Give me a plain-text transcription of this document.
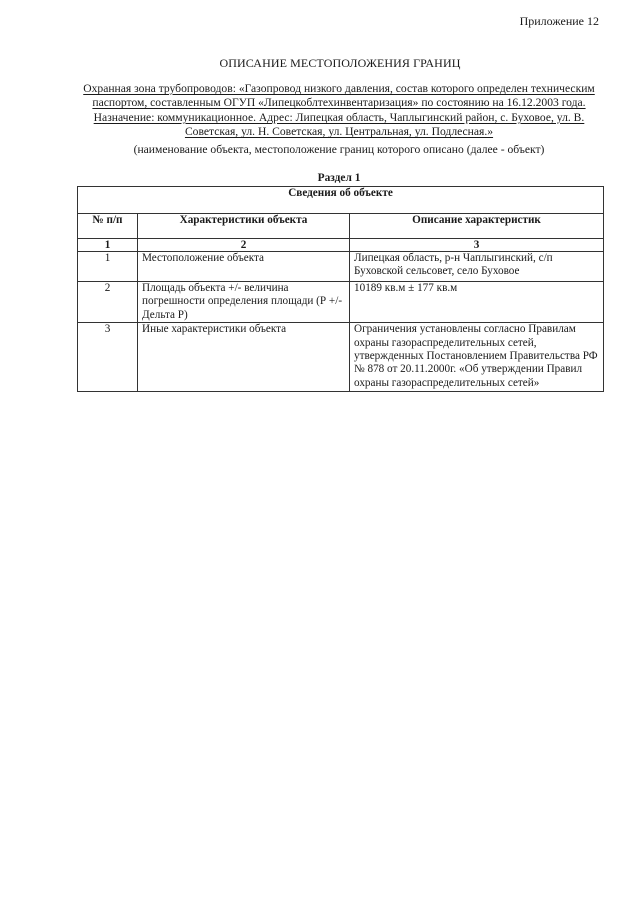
Приложение 12
ОПИСАНИЕ МЕСТОПОЛОЖЕНИЯ ГРАНИЦ
Охранная зона трубопроводов: «Газопровод низкого давления, состав которого определен техническим паспортом, составленным ОГУП «Липецкоблтехинвентаризация» по состоянию на 16.12.2003 года. Назначение: коммуникационное. Адрес: Липецкая область, Чаплыгинский район, с. Буховое, ул. В. Советская, ул. Н. Советская, ул. Центральная, ул. Подлесная.»
(наименование объекта, местоположение границ которого описано (далее - объект)
Раздел 1
Сведения об объекте		
№ п/п	Характеристики объекта	Описание характеристик
1	2	3
1	Местоположение объекта	Липецкая область, р-н Чаплыгинский, с/п Буховской сельсовет, село Буховое
2	Площадь объекта +/- величина погрешности определения площади (Р +/- Дельта Р)	10189 кв.м ± 177 кв.м
3	Иные характеристики объекта	Ограничения установлены согласно Правилам охраны газораспределительных сетей, утвержденных Постановлением Правительства РФ № 878 от 20.11.2000г. «Об утверждении Правил охраны газораспределительных сетей»
